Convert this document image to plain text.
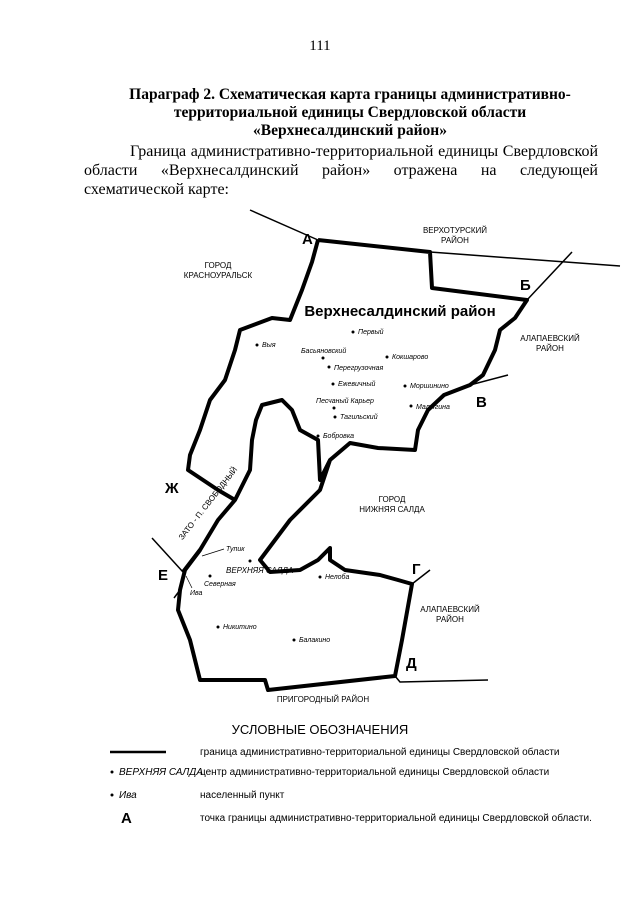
111
Параграф 2. Схематическая карта границы административно-территориальной единицы Свердловской области «Верхнесалдинский район»
Граница административно-территориальной единицы Свердловской области «Верхнесалдинский район» отражена на следующей схематической карте:
ВЕРХОТУРСКИЙ
РАЙОН
ГОРОД
КРАСНОУРАЛЬСК
АЛАПАЕВСКИЙ
РАЙОН
ГОРОД
НИЖНЯЯ САЛДА
АЛАПАЕВСКИЙ
РАЙОН
ПРИГОРОДНЫЙ РАЙОН
ЗАТО - П. СВОБОДНЫЙ
Верхнесалдинский район
А
Б
В
Г
Д
Е
Ж
Первый
Выя
Басьяновский
Кокшарово
Перегрузочная
Ежевичный	Моршинино
Песчаный Карьер
Малыгина
Тагильский
Бобровка
Тупик
Северная
Ива
Нелоба
Никитино
Балакино
ВЕРХНЯЯ САЛДА
УСЛОВНЫЕ ОБОЗНАЧЕНИЯ
граница административно-территориальной единицы Свердловской области
ВЕРХНЯЯ САЛДА
центр административно-территориальной единицы Свердловской области
Ива	населенный пункт
А	точка границы административно-территориальной единицы Свердловской области.
